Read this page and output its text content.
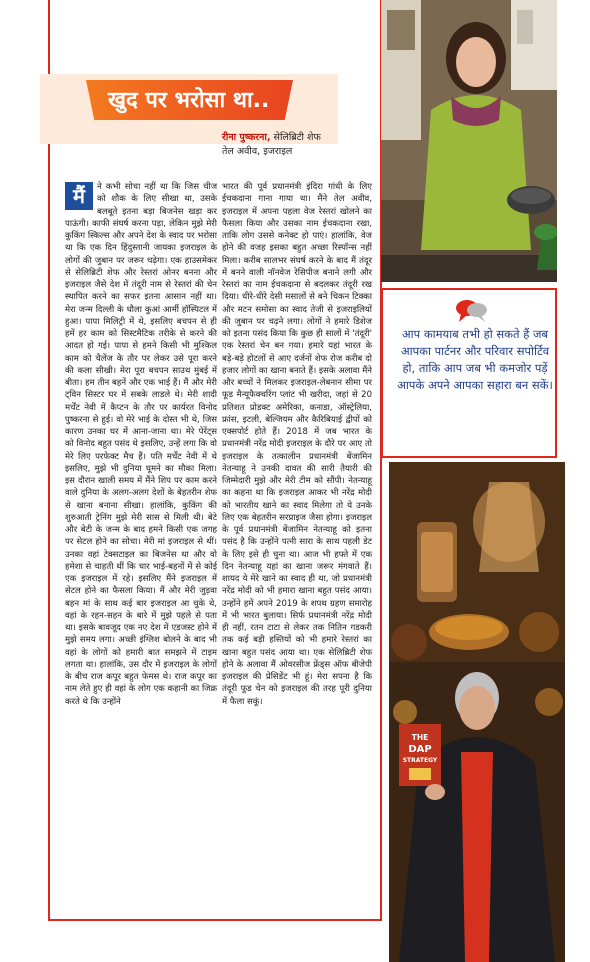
खुद पर भरोसा था..
रीना पुष्करना, सेलिब्रिटी शेफ
तेल अवीव, इजराइल
मैं	ने कभी सोचा नहीं था कि जिस चीज को शौक के लिए सीखा था, उसके बलबूते इतना बड़ा बिजनेस खड़ा कर पाऊंगी। काफी संघर्ष करना पड़ा, लेकिन मुझे मेरी कुकिंग स्किल्स और अपने देश के स्वाद पर भरोसा था कि एक दिन हिंदुस्तानी जायका इजराइल के लोगों की जुबान पर जरूर चढ़ेगा। एक हाउसमेकर से सेलिब्रिटी शेफ और रेस्तरां ओनर बनना और इजराइल जैसे देश में तंदूरी नाम से रेस्तरां की चेन स्थापित करने का सफर इतना आसान नहीं था। मेरा जन्म दिल्ली के धौला कुआं आर्मी हॉस्पिटल में हुआ। पापा मिलिट्री में थे, इसलिए बचपन से ही हमें हर काम को सिस्टमैटिक तरीके से करने की आदत हो गई। पापा से हमने किसी भी मुश्किल काम को चैलेंज के तौर पर लेकर उसे पूरा करने की कला सीखी। मेरा पूरा बचपन साउथ मुंबई में बीता। हम तीन बहनें और एक भाई हैं। मैं और मेरी ट्विन सिस्टर घर में सबके लाडले थे। मेरी शादी मर्चेंट नेवी में कैप्टन के तौर पर कार्यरत विनोद पुष्करना से हुई। वो मेरे भाई के दोस्त भी थे, जिस कारण उनका घर में आना-जाना था। मेरे पेरेंट्स को विनोद बहुत पसंद थे इसलिए, उन्हें लगा कि वो मेरे लिए परफेक्ट मैच हैं। पति मर्चेंट नेवी में थे इसलिए, मुझे भी दुनिया घूमने का मौका मिला। इस दौरान खाली समय में मैंने शिप पर काम करने वाले दुनिया के अलग-अलग देशों के बेहतरीन शेफ से खाना बनाना सीखा। हालांकि, कुकिंग की शुरुआती ट्रेनिंग मुझे मेरी सास से मिली थी। बेटे और बेटी के जन्म के बाद हमने किसी एक जगह पर सेटल होने का सोचा। मेरी मां इजराइल से थीं। उनका वहां टेक्सटाइल का बिजनेस था और वो हमेशा से चाहती थीं कि चार भाई-बहनों में से कोई एक इजराइल में रहे। इसलिए मैंने इजराइल में सेटल होने का फैसला किया। मैं और मेरी जुड़वा बहन मां के साथ कई बार इजराइल आ चुके थे, वहां के रहन-सहन के बारे में मुझे पहले से पता था। इसके बावजूद एक नए देश में एडजस्ट होने में मुझे समय लगा। अच्छी इंग्लिश बोलने के बाद भी वहां के लोगों को हमारी बात समझने में टाइम लगता था। हालांकि, उस दौर में इजराइल के लोगों के बीच राज कपूर बहुत फेमस थे। राज कपूर का नाम लेते हुए ही वहां के लोग एक कहानी का जिक्र करते थे कि उन्होंने
भारत की पूर्व प्रधानमंत्री इंदिरा गांधी के लिए ईचकदाना गाना गाया था। मैंने तेल अवीव, इजराइल में अपना पहला वेज रेस्तरां खोलने का फैसला किया और उसका नाम ईचकदाना रखा, ताकि लोग उससे कनेक्ट हो पाएं। हालांकि, वेज होने की वजह इसका बहुत अच्छा रिस्पॉन्स नहीं मिला। करीब सालभर संघर्ष करने के बाद मैं तंदूर में बनने वाली नॉनवेज रेसिपीज बनाने लगी और रेस्तरां का नाम ईचकदाना से बदलकर तंदूरी रख दिया। धीरे-धीरे देसी मसालों से बने चिकन टिक्का और मटन समोसा का स्वाद तेजी से इजराइलियों की जुबान पर चढ़ने लगा। लोगों ने हमारे डिशेज को इतना पसंद किया कि कुछ ही सालों में 'तंदूरी' एक रेस्तरां चेन बन गया। हमारे यहां भारत के बड़े-बड़े होटलों से आए दर्जनों शेफ रोज करीब दो हजार लोगों का खाना बनाते हैं। इसके अलावा मैंने और बच्चों ने मिलकर इजराइल-लेबनान सीमा पर फूड मैन्यूफैक्चरिंग प्लांट भी खरीदा, जहां से 20 प्रतिशत प्रोडक्ट अमेरिका, कनाडा, ऑस्ट्रेलिया, फ्रांस, इटली, बेल्जियम और कैरिबियाई द्वीपों को एक्सपोर्ट होते हैं। 2018 में जब भारत के प्रधानमंत्री नरेंद्र मोदी इजराइल के दौरे पर आए तो इजराइल के तत्कालीन प्रधानमंत्री बेंजामिन नेतन्याहू ने उनकी दावत की सारी तैयारी की जिम्मेदारी मुझे और मेरी टीम को सौंपी। नेतन्याहू का कहना था कि इजराइल आकर भी नरेंद्र मोदी को भारतीय खाने का स्वाद मिलेगा तो ये उनके लिए एक बेहतरीन सरप्राइज जैसा होगा। इजराइल के पूर्व प्रधानमंत्री बेंजामिन नेतन्याहू को इतना पसंद है कि उन्होंने पत्नी सारा के साथ पहली डेट के लिए इसे ही चुना था। आज भी हफ्ते में एक दिन नेतन्याहू यहां का खाना जरूर मंगवाते हैं। शायद ये मेरे खाने का स्वाद ही था, जो प्रधानमंत्री नरेंद्र मोदी को भी हमारा खाना बहुत पसंद आया। उन्होंने हमें अपने 2019 के शपथ ग्रहण समारोह में भी भारत बुलाया। सिर्फ प्रधानमंत्री नरेंद्र मोदी ही नहीं, रतन टाटा से लेकर तक नितिन गडकरी तक कई बड़ी हस्तियों को भी हमारे रेस्तरां का खाना बहुत पसंद आया था। एक सेलिब्रिटी शेफ होने के अलावा मैं ओवरसीज फ्रेंड्स ऑफ बीजेपी इजराइल की प्रेसिडेंट भी हूं। मेरा सपना है कि तंदूरी फूड चेन को इजराइल की तरह पूरी दुनिया में फैला सकूं।
आप कामयाब तभी हो सकते हैं जब आपका पार्टनर और परिवार सपोर्टिव हो, ताकि आप जब भी कमजोर पड़ें आपके अपने आपका सहारा बन सकें।
THE
DAP
STRATEGY
